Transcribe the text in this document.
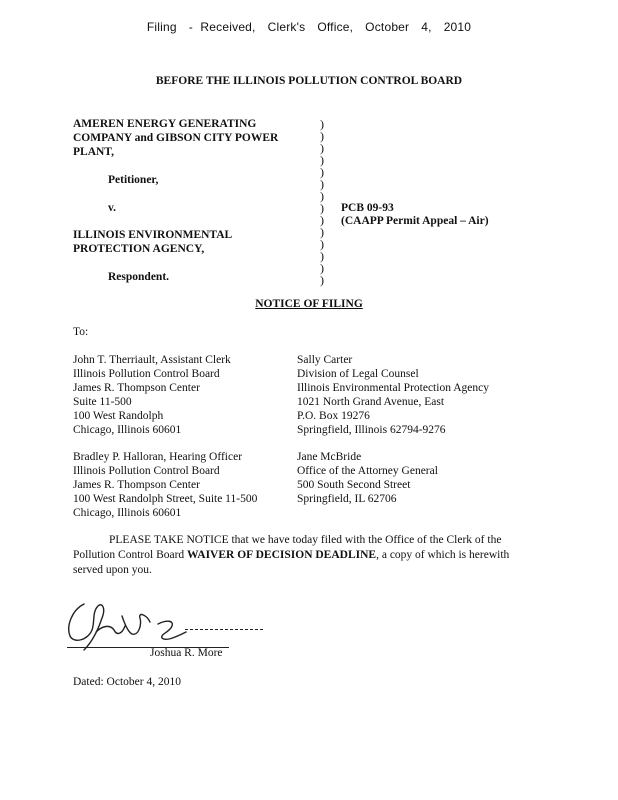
Filing - Received, Clerk's Office, October 4, 2010
BEFORE THE ILLINOIS POLLUTION CONTROL BOARD
AMEREN ENERGY GENERATING
COMPANY and GIBSON CITY POWER
PLANT,
Petitioner,
v.
ILLINOIS ENVIRONMENTAL
PROTECTION AGENCY,
Respondent.
)
)
)
)
)
)
)
)
)
)
)
)
)
)
PCB 09-93
(CAAPP Permit Appeal – Air)
NOTICE OF FILING
To:
John T. Therriault, Assistant Clerk
Illinois Pollution Control Board
James R. Thompson Center
Suite 11-500
100 West Randolph
Chicago, Illinois 60601
Sally Carter
Division of Legal Counsel
Illinois Environmental Protection Agency
1021 North Grand Avenue, East
P.O. Box 19276
Springfield, Illinois 62794-9276
Bradley P. Halloran, Hearing Officer
Illinois Pollution Control Board
James R. Thompson Center
100 West Randolph Street, Suite 11-500
Chicago, Illinois 60601
Jane McBride
Office of the Attorney General
500 South Second Street
Springfield, IL 62706
PLEASE TAKE NOTICE that we have today filed with the Office of the Clerk of the Pollution Control Board WAIVER OF DECISION DEADLINE, a copy of which is herewith served upon you.
Joshua R. More
Dated: October 4, 2010
